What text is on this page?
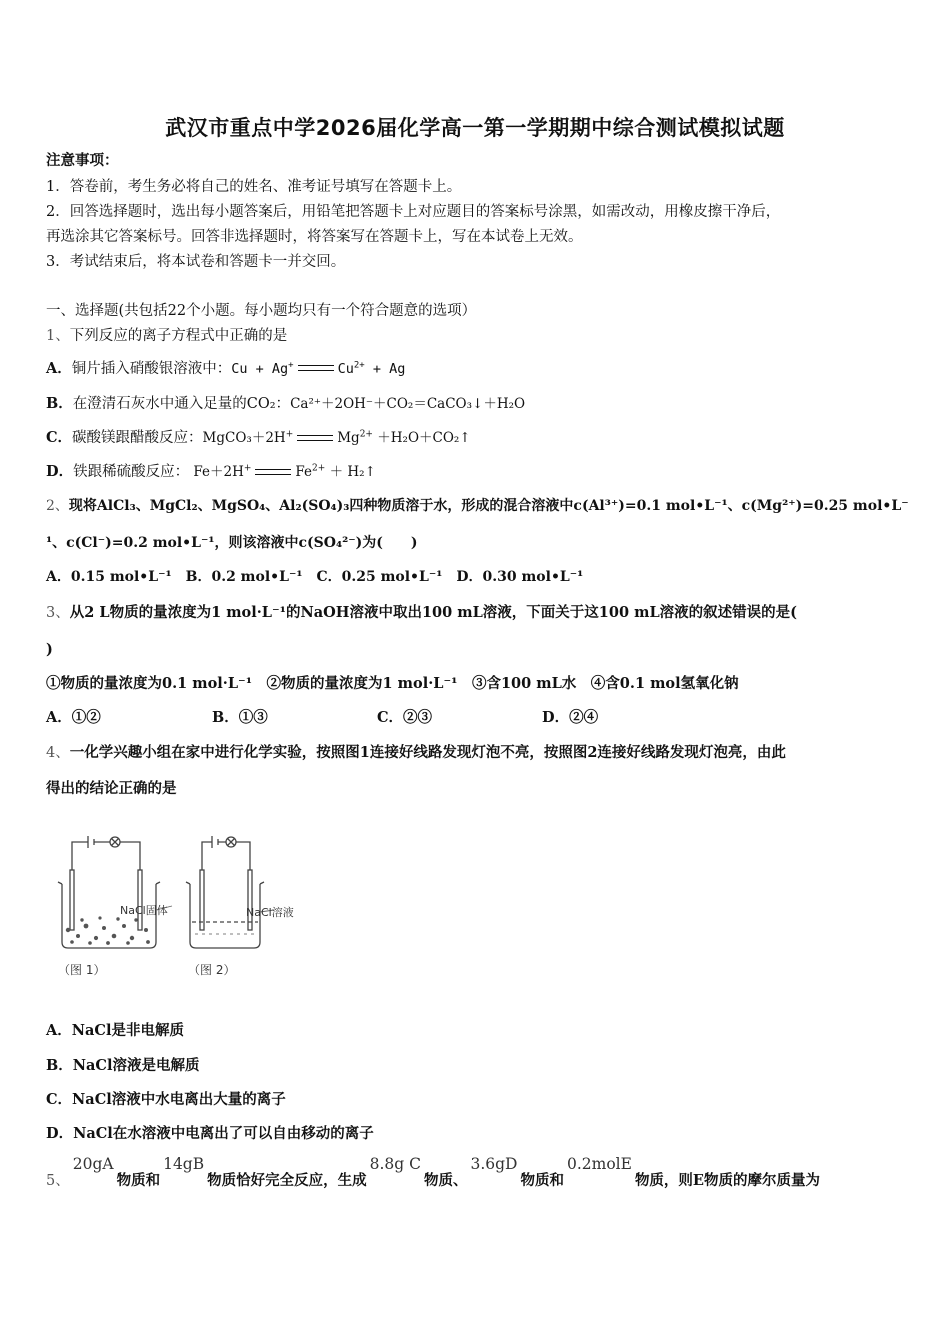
武汉市重点中学2026届化学高一第一学期期中综合测试模拟试题
注意事项：
1．答卷前，考生务必将自己的姓名、准考证号填写在答题卡上。
2．回答选择题时，选出每小题答案后，用铅笔把答题卡上对应题目的答案标号涂黑，如需改动，用橡皮擦干净后，
再选涂其它答案标号。回答非选择题时，将答案写在答题卡上，写在本试卷上无效。
3．考试结束后，将本试卷和答题卡一并交回。
一、选择题(共包括22个小题。每小题均只有一个符合题意的选项）
1、下列反应的离子方程式中正确的是
A．铜片插入硝酸银溶液中：Cu + Ag+	$Cu^{2+} + Ag$
B．在澄清石灰水中通入足量的CO₂：Ca²⁺＋2OH⁻＋CO₂＝CaCO₃↓＋H₂O
C．碳酸镁跟醋酸反应：MgCO₃＋2H+	$Mg^{2+}$ ＋H₂O＋CO₂↑
D．铁跟稀硫酸反应： Fe＋2H+	$Fe^{2+}$ ＋ H₂↑
2、现将AlCl₃、MgCl₂、MgSO₄、Al₂(SO₄)₃四种物质溶于水，形成的混合溶液中c(Al³⁺)=0.1 mol•L⁻¹、c(Mg²⁺)=0.25 mol•L⁻
¹、c(Cl⁻)=0.2 mol•L⁻¹，则该溶液中c(SO₄²⁻)为(　　)
A．0.15 mol•L⁻¹　B．0.2 mol•L⁻¹　C．0.25 mol•L⁻¹　D．0.30 mol•L⁻¹
3、从2 L物质的量浓度为1 mol·L⁻¹的NaOH溶液中取出100 mL溶液，下面关于这100 mL溶液的叙述错误的是(
)
①物质的量浓度为0.1 mol·L⁻¹　②物质的量浓度为1 mol·L⁻¹　③含100 mL水　④含0.1 mol氢氧化钠
A．①②	B．①③	C．②③	D．②④
4、一化学兴趣小组在家中进行化学实验，按照图1连接好线路发现灯泡不亮，按照图2连接好线路发现灯泡亮，由此
得出的结论正确的是
NaCl固体	NaCl溶液
（图 1）	（图 2）
A．NaCl是非电解质
B．NaCl溶液是电解质
C．NaCl溶液中水电离出大量的离子
D．NaCl在水溶液中电离出了可以自由移动的离子
5、20gA物质和14gB物质恰好完全反应，生成8.8g C物质、3.6gD物质和0.2molE物质，则E物质的摩尔质量为
